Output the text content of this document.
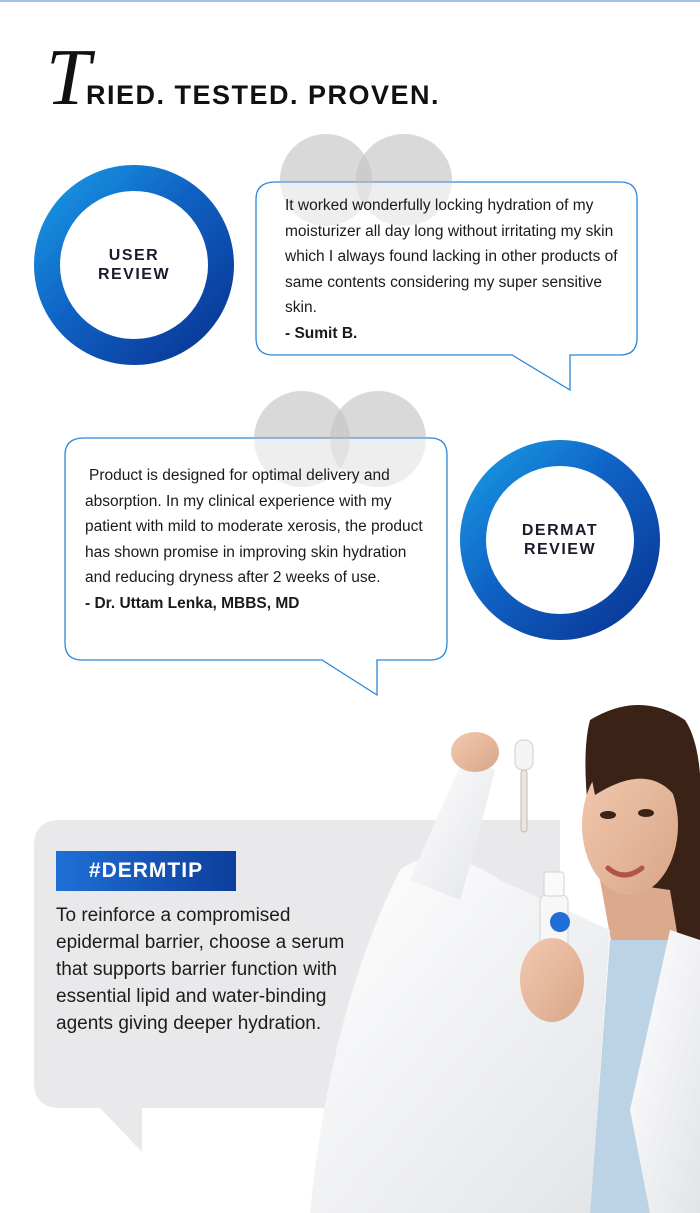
T
RIED. TESTED. PROVEN.
It worked wonderfully locking hydration of my moisturizer all day long without irritating my skin which I always found lacking in other products of same contents considering my super sensitive skin.
- Sumit B.
USER
REVIEW
Product is designed for optimal delivery and absorption. In my clinical experience with my patient with mild to moderate xerosis, the product has shown promise in improving skin hydration and reducing dryness after 2 weeks of use.
- Dr. Uttam Lenka, MBBS, MD
DERMAT
REVIEW
#DERMTIP
To reinforce a compromised epidermal barrier, choose a serum that supports barrier function with essential lipid and water-binding agents giving deeper hydration.
